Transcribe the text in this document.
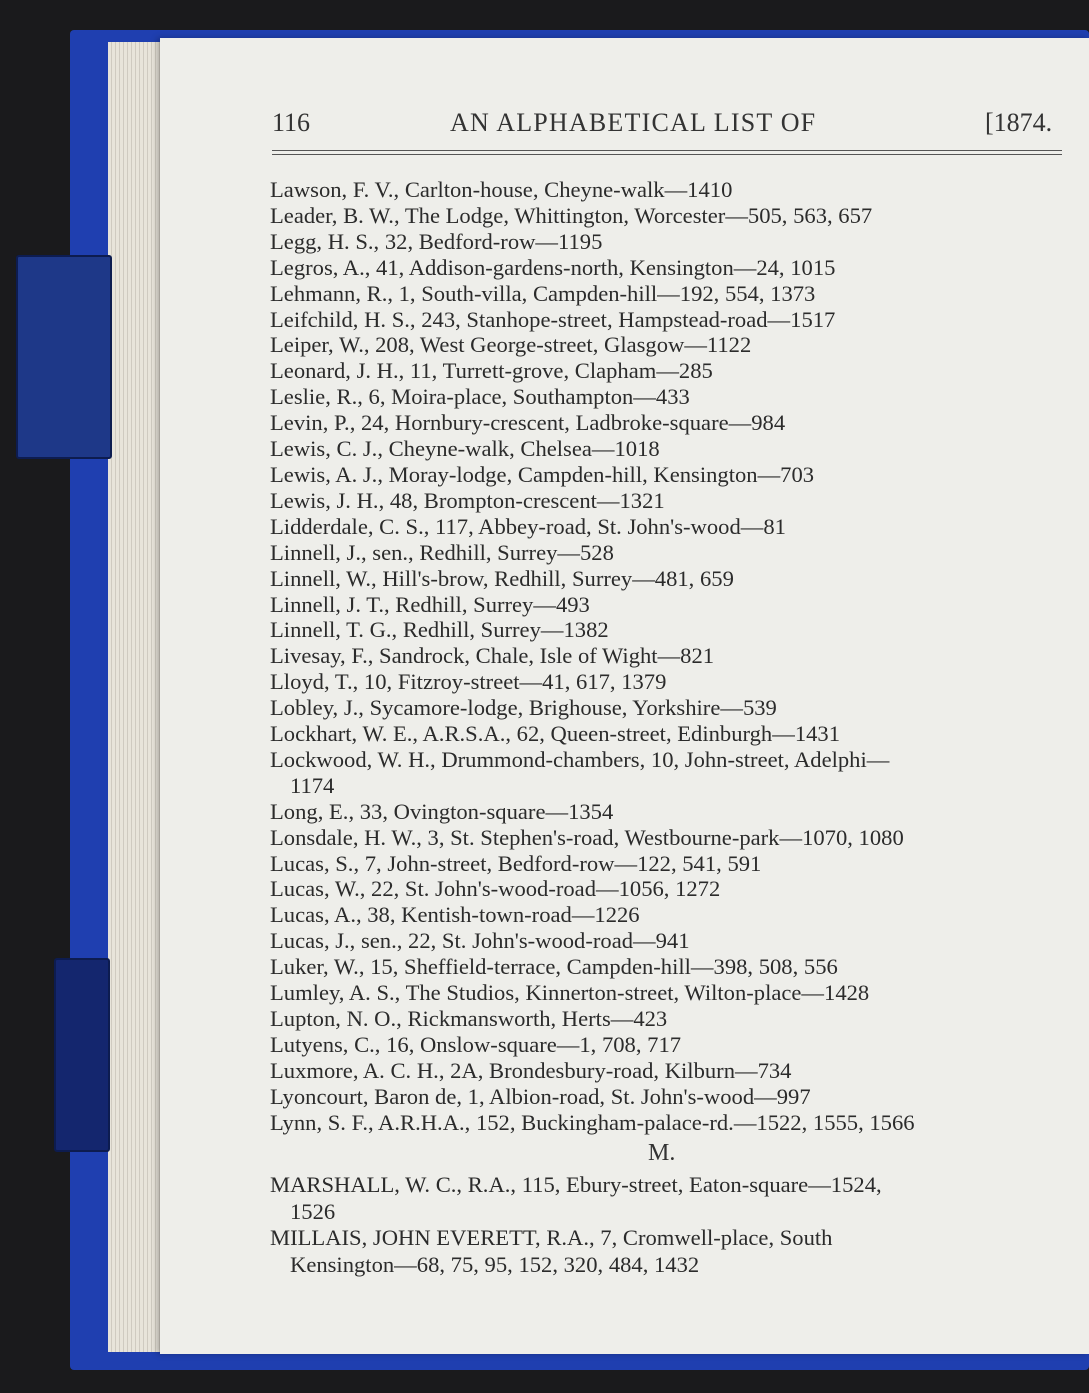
116	AN ALPHABETICAL LIST OF	[1874.
Lawson, F. V., Carlton-house, Cheyne-walk—1410
Leader, B. W., The Lodge, Whittington, Worcester—505, 563, 657
Legg, H. S., 32, Bedford-row—1195
Legros, A., 41, Addison-gardens-north, Kensington—24, 1015
Lehmann, R., 1, South-villa, Campden-hill—192, 554, 1373
Leifchild, H. S., 243, Stanhope-street, Hampstead-road—1517
Leiper, W., 208, West George-street, Glasgow—1122
Leonard, J. H., 11, Turrett-grove, Clapham—285
Leslie, R., 6, Moira-place, Southampton—433
Levin, P., 24, Hornbury-crescent, Ladbroke-square—984
Lewis, C. J., Cheyne-walk, Chelsea—1018
Lewis, A. J., Moray-lodge, Campden-hill, Kensington—703
Lewis, J. H., 48, Brompton-crescent—1321
Lidderdale, C. S., 117, Abbey-road, St. John's-wood—81
Linnell, J., sen., Redhill, Surrey—528
Linnell, W., Hill's-brow, Redhill, Surrey—481, 659
Linnell, J. T., Redhill, Surrey—493
Linnell, T. G., Redhill, Surrey—1382
Livesay, F., Sandrock, Chale, Isle of Wight—821
Lloyd, T., 10, Fitzroy-street—41, 617, 1379
Lobley, J., Sycamore-lodge, Brighouse, Yorkshire—539
Lockhart, W. E., A.R.S.A., 62, Queen-street, Edinburgh—1431
Lockwood, W. H., Drummond-chambers, 10, John-street, Adelphi—
1174
Long, E., 33, Ovington-square—1354
Lonsdale, H. W., 3, St. Stephen's-road, Westbourne-park—1070, 1080
Lucas, S., 7, John-street, Bedford-row—122, 541, 591
Lucas, W., 22, St. John's-wood-road—1056, 1272
Lucas, A., 38, Kentish-town-road—1226
Lucas, J., sen., 22, St. John's-wood-road—941
Luker, W., 15, Sheffield-terrace, Campden-hill—398, 508, 556
Lumley, A. S., The Studios, Kinnerton-street, Wilton-place—1428
Lupton, N. O., Rickmansworth, Herts—423
Lutyens, C., 16, Onslow-square—1, 708, 717
Luxmore, A. C. H., 2A, Brondesbury-road, Kilburn—734
Lyoncourt, Baron de, 1, Albion-road, St. John's-wood—997
Lynn, S. F., A.R.H.A., 152, Buckingham-palace-rd.—1522, 1555, 1566
M.
MARSHALL, W. C., R.A., 115, Ebury-street, Eaton-square—1524,
1526
MILLAIS, JOHN EVERETT, R.A., 7, Cromwell-place, South
Kensington—68, 75, 95, 152, 320, 484, 1432
